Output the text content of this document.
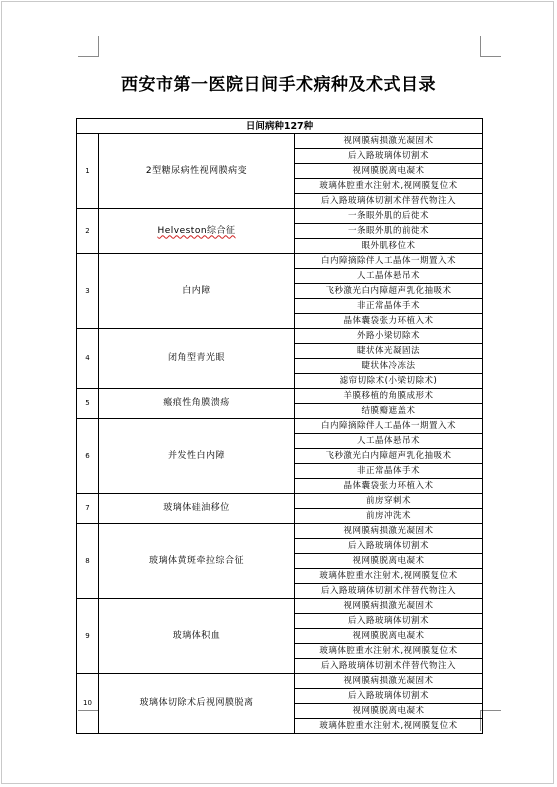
西安市第一医院日间手术病种及术式目录
日间病种127种		
1	2型糖尿病性视网膜病变	视网膜病损激光凝固术
		后入路玻璃体切割术
		视网膜脱离电凝术
		玻璃体腔重水注射术,视网膜复位术
		后入路玻璃体切割术伴替代物注入
2	Helveston综合征	一条眼外肌的后徙术
		一条眼外肌的前徙术
		眼外肌移位术
3	白内障	白内障摘除伴人工晶体一期置入术
		人工晶体悬吊术
		飞秒激光白内障超声乳化抽吸术
		非正常晶体手术
		晶体囊袋张力环植入术
4	闭角型青光眼	外路小梁切除术
		睫状体光凝固法
		睫状体冷冻法
		滤帘切除术(小梁切除术)
5	瘢痕性角膜溃疡	羊膜移植的角膜成形术
		结膜瓣遮盖术
6	并发性白内障	白内障摘除伴人工晶体一期置入术
		人工晶体悬吊术
		飞秒激光白内障超声乳化抽吸术
		非正常晶体手术
		晶体囊袋张力环植入术
7	玻璃体硅油移位	前房穿刺术
		前房冲洗术
8	玻璃体黄斑牵拉综合征	视网膜病损激光凝固术
		后入路玻璃体切割术
		视网膜脱离电凝术
		玻璃体腔重水注射术,视网膜复位术
		后入路玻璃体切割术伴替代物注入
9	玻璃体积血	视网膜病损激光凝固术
		后入路玻璃体切割术
		视网膜脱离电凝术
		玻璃体腔重水注射术,视网膜复位术
		后入路玻璃体切割术伴替代物注入
10	玻璃体切除术后视网膜脱离	视网膜病损激光凝固术
		后入路玻璃体切割术
		视网膜脱离电凝术
		玻璃体腔重水注射术,视网膜复位术
